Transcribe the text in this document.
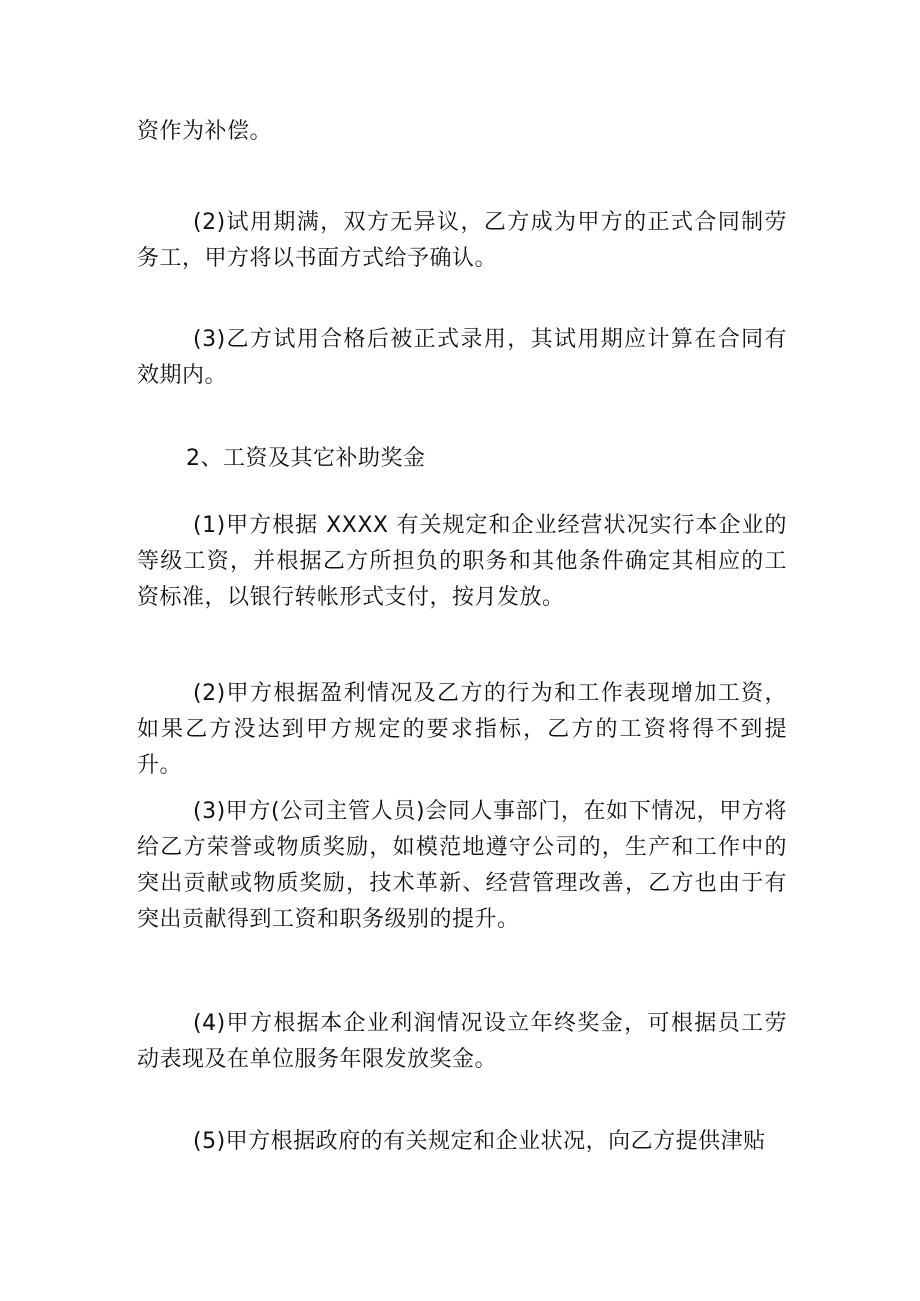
资作为补偿。

(2)试用期满，双方无异议，乙方成为甲方的正式合同制劳务工，甲方将以书面方式给予确认。

(3)乙方试用合格后被正式录用，其试用期应计算在合同有效期内。

2、工资及其它补助奖金

(1)甲方根据 XXXX 有关规定和企业经营状况实行本企业的等级工资，并根据乙方所担负的职务和其他条件确定其相应的工资标准，以银行转帐形式支付，按月发放。

(2)甲方根据盈利情况及乙方的行为和工作表现增加工资，如果乙方没达到甲方规定的要求指标，乙方的工资将得不到提升。

(3)甲方(公司主管人员)会同人事部门，在如下情况，甲方将给乙方荣誉或物质奖励，如模范地遵守公司的，生产和工作中的突出贡献或物质奖励，技术革新、经营管理改善，乙方也由于有突出贡献得到工资和职务级别的提升。

(4)甲方根据本企业利润情况设立年终奖金，可根据员工劳动表现及在单位服务年限发放奖金。

(5)甲方根据政府的有关规定和企业状况，向乙方提供津贴
